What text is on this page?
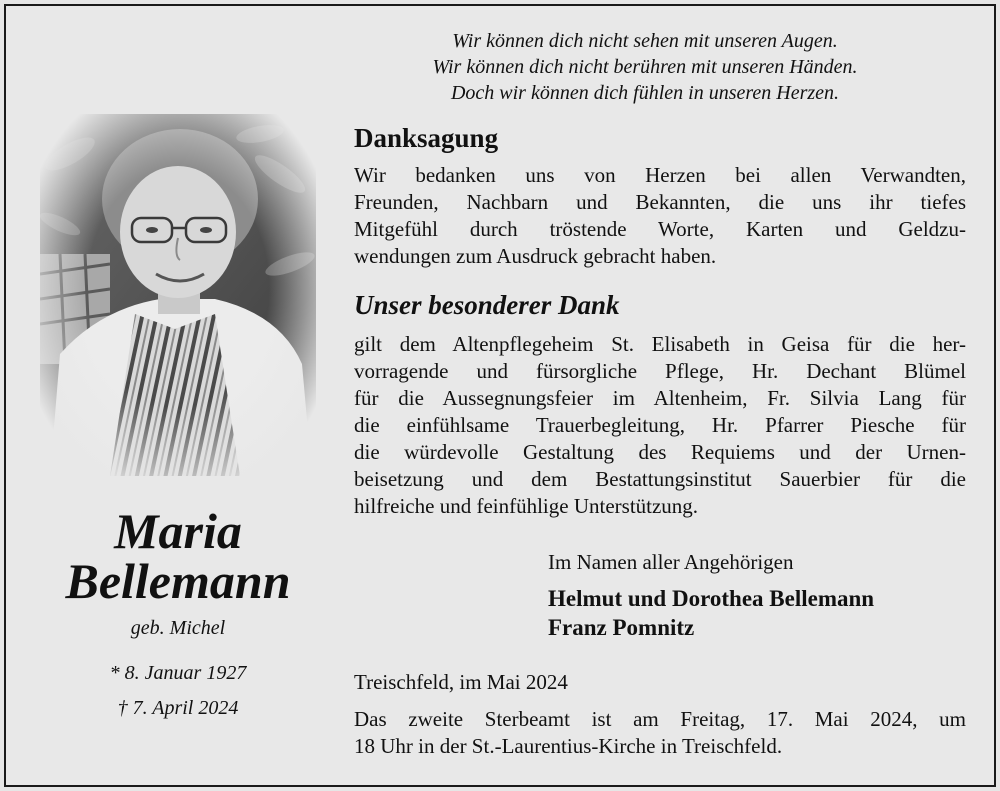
Wir können dich nicht sehen mit unseren Augen.
Wir können dich nicht berühren mit unseren Händen.
Doch wir können dich fühlen in unseren Herzen.
Maria
Bellemann
geb. Michel
* 8. Januar 1927
† 7. April 2024
Danksagung
Wir bedanken uns von Herzen bei allen Verwandten,
Freunden, Nachbarn und Bekannten, die uns ihr tiefes
Mitgefühl durch tröstende Worte, Karten und Geldzu-
wendungen zum Ausdruck gebracht haben.
Unser besonderer Dank
gilt dem Altenpflegeheim St. Elisabeth in Geisa für die her-
vorragende und fürsorgliche Pflege, Hr. Dechant Blümel
für die Aussegnungsfeier im Altenheim, Fr. Silvia Lang für
die einfühlsame Trauerbegleitung, Hr. Pfarrer Piesche für
die würdevolle Gestaltung des Requiems und der Urnen-
beisetzung und dem Bestattungsinstitut Sauerbier für die
hilfreiche und feinfühlige Unterstützung.
Im Namen aller Angehörigen
Helmut und Dorothea Bellemann
Franz Pomnitz
Treischfeld, im Mai 2024
Das zweite Sterbeamt ist am Freitag, 17. Mai 2024, um
18 Uhr in der St.-Laurentius-Kirche in Treischfeld.
